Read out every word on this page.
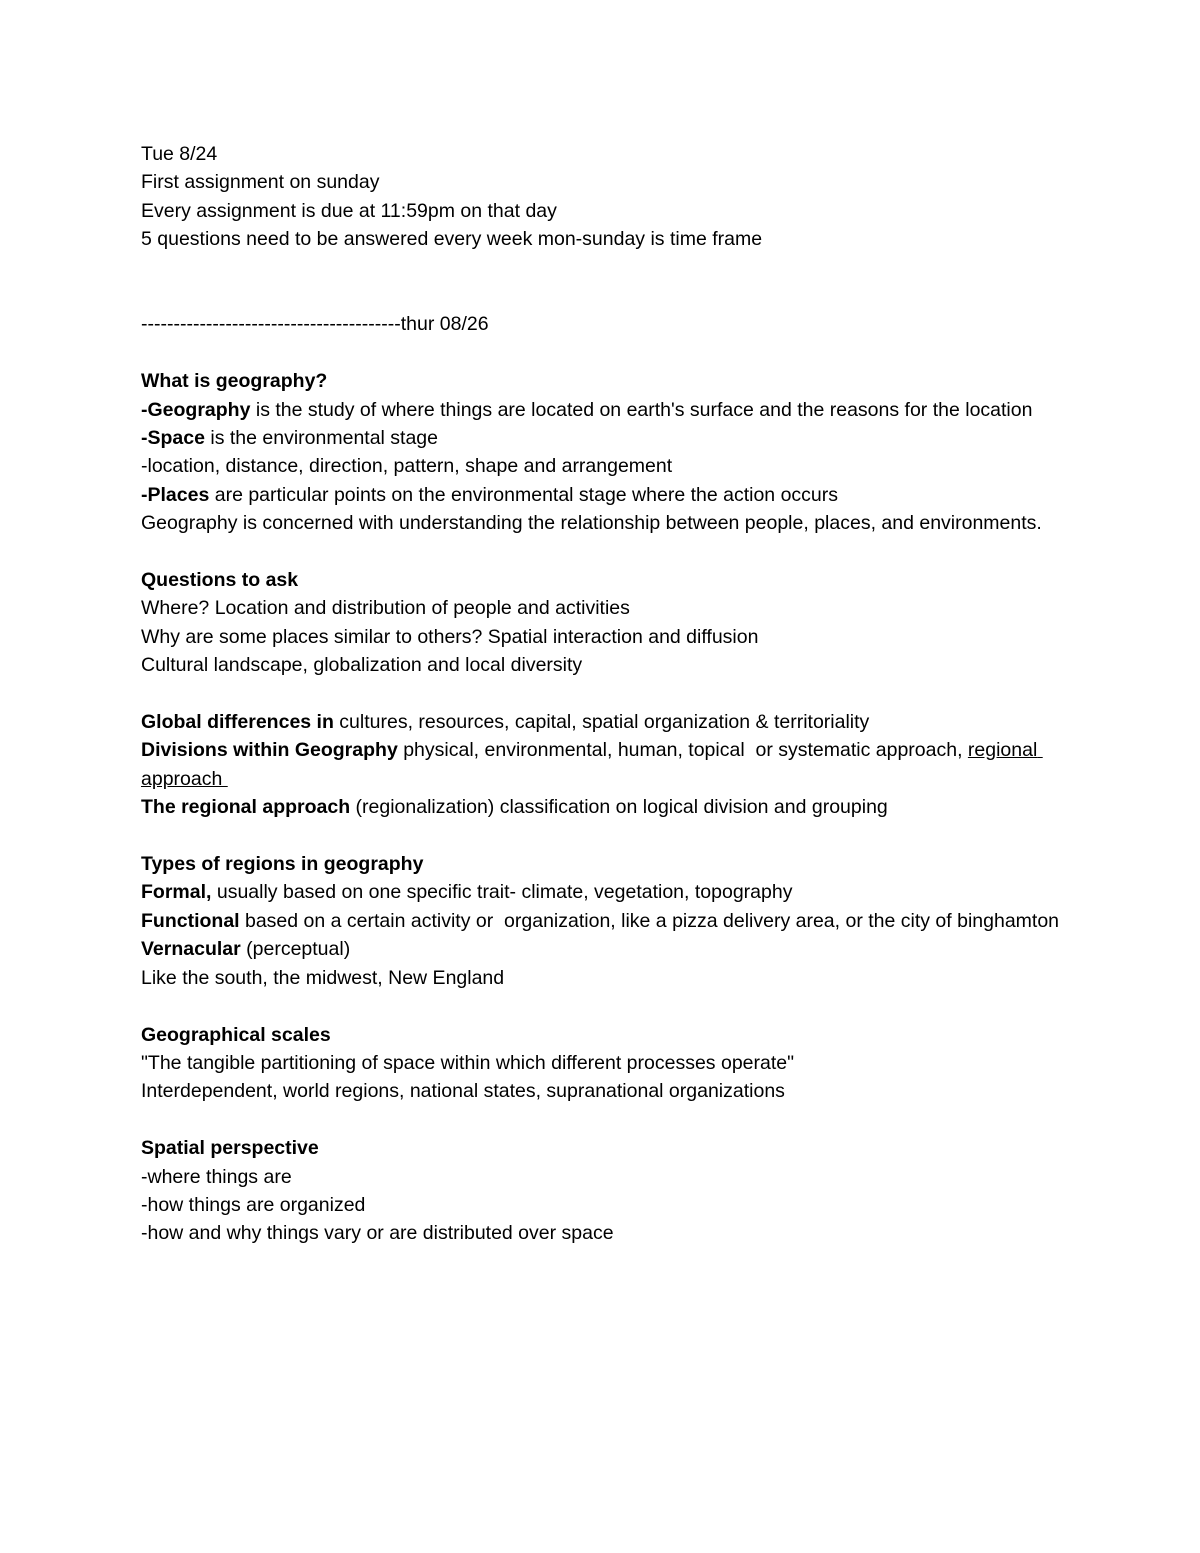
Tue 8/24
First assignment on sunday
Every assignment is due at 11:59pm on that day
5 questions need to be answered every week mon-sunday is time frame
----------------------------------------thur 08/26
What is geography?
-Geography is the study of where things are located on earth's surface and the reasons for the location
-Space is the environmental stage
-location, distance, direction, pattern, shape and arrangement
-Places are particular points on the environmental stage where the action occurs
Geography is concerned with understanding the relationship between people, places, and environments.
Questions to ask
Where? Location and distribution of people and activities
Why are some places similar to others? Spatial interaction and diffusion
Cultural landscape, globalization and local diversity
Global differences in cultures, resources, capital, spatial organization & territoriality
Divisions within Geography physical, environmental, human, topical  or systematic approach, regional approach
The regional approach (regionalization) classification on logical division and grouping
Types of regions in geography
Formal, usually based on one specific trait- climate, vegetation, topography
Functional based on a certain activity or  organization, like a pizza delivery area, or the city of binghamton
Vernacular (perceptual)
Like the south, the midwest, New England
Geographical scales
"The tangible partitioning of space within which different processes operate"
Interdependent, world regions, national states, supranational organizations
Spatial perspective
-where things are
-how things are organized
-how and why things vary or are distributed over space
